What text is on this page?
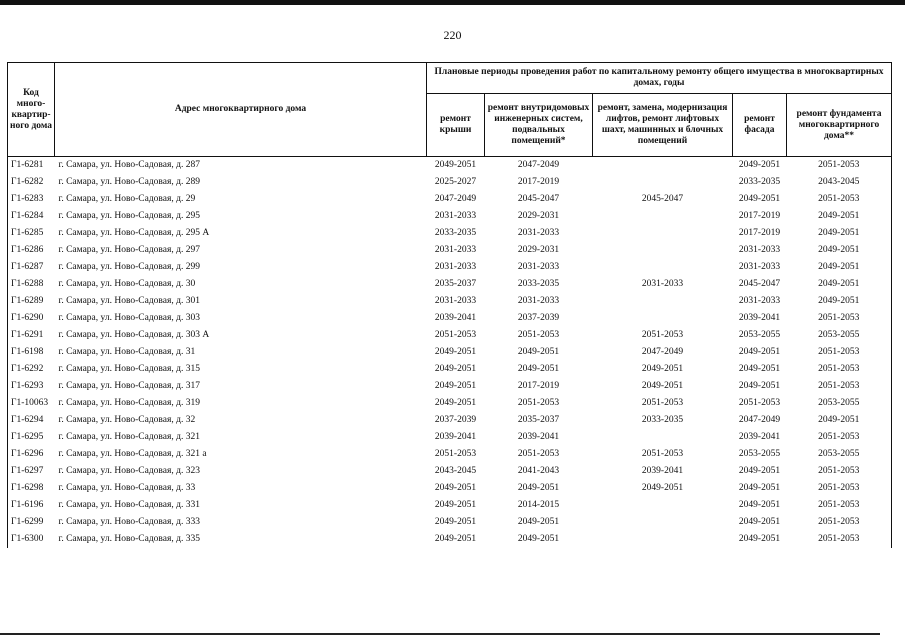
220
Код много-квартир-ного дома	Адрес многоквартирного дома	Плановые периоды проведения работ по капитальному ремонту общего имущества в многоквартирных домах, годы				
		ремонт крыши	ремонт внутридомовых инженерных систем, подвальных помещений*	ремонт, замена, модернизация лифтов, ремонт лифтовых шахт, машинных и блочных помещений	ремонт фасада	ремонт фундамента многоквартирного дома**
Г1-6281	г. Самара, ул. Ново-Садовая, д. 287	2049-2051	2047-2049		2049-2051	2051-2053
Г1-6282	г. Самара, ул. Ново-Садовая, д. 289	2025-2027	2017-2019		2033-2035	2043-2045
Г1-6283	г. Самара, ул. Ново-Садовая, д. 29	2047-2049	2045-2047	2045-2047	2049-2051	2051-2053
Г1-6284	г. Самара, ул. Ново-Садовая, д. 295	2031-2033	2029-2031		2017-2019	2049-2051
Г1-6285	г. Самара, ул. Ново-Садовая, д. 295 А	2033-2035	2031-2033		2017-2019	2049-2051
Г1-6286	г. Самара, ул. Ново-Садовая, д. 297	2031-2033	2029-2031		2031-2033	2049-2051
Г1-6287	г. Самара, ул. Ново-Садовая, д. 299	2031-2033	2031-2033		2031-2033	2049-2051
Г1-6288	г. Самара, ул. Ново-Садовая, д. 30	2035-2037	2033-2035	2031-2033	2045-2047	2049-2051
Г1-6289	г. Самара, ул. Ново-Садовая, д. 301	2031-2033	2031-2033		2031-2033	2049-2051
Г1-6290	г. Самара, ул. Ново-Садовая, д. 303	2039-2041	2037-2039		2039-2041	2051-2053
Г1-6291	г. Самара, ул. Ново-Садовая, д. 303 А	2051-2053	2051-2053	2051-2053	2053-2055	2053-2055
Г1-6198	г. Самара, ул. Ново-Садовая, д. 31	2049-2051	2049-2051	2047-2049	2049-2051	2051-2053
Г1-6292	г. Самара, ул. Ново-Садовая, д. 315	2049-2051	2049-2051	2049-2051	2049-2051	2051-2053
Г1-6293	г. Самара, ул. Ново-Садовая, д. 317	2049-2051	2017-2019	2049-2051	2049-2051	2051-2053
Г1-10063	г. Самара, ул. Ново-Садовая, д. 319	2049-2051	2051-2053	2051-2053	2051-2053	2053-2055
Г1-6294	г. Самара, ул. Ново-Садовая, д. 32	2037-2039	2035-2037	2033-2035	2047-2049	2049-2051
Г1-6295	г. Самара, ул. Ново-Садовая, д. 321	2039-2041	2039-2041		2039-2041	2051-2053
Г1-6296	г. Самара, ул. Ново-Садовая, д. 321 а	2051-2053	2051-2053	2051-2053	2053-2055	2053-2055
Г1-6297	г. Самара, ул. Ново-Садовая, д. 323	2043-2045	2041-2043	2039-2041	2049-2051	2051-2053
Г1-6298	г. Самара, ул. Ново-Садовая, д. 33	2049-2051	2049-2051	2049-2051	2049-2051	2051-2053
Г1-6196	г. Самара, ул. Ново-Садовая, д. 331	2049-2051	2014-2015		2049-2051	2051-2053
Г1-6299	г. Самара, ул. Ново-Садовая, д. 333	2049-2051	2049-2051		2049-2051	2051-2053
Г1-6300	г. Самара, ул. Ново-Садовая, д. 335	2049-2051	2049-2051		2049-2051	2051-2053
